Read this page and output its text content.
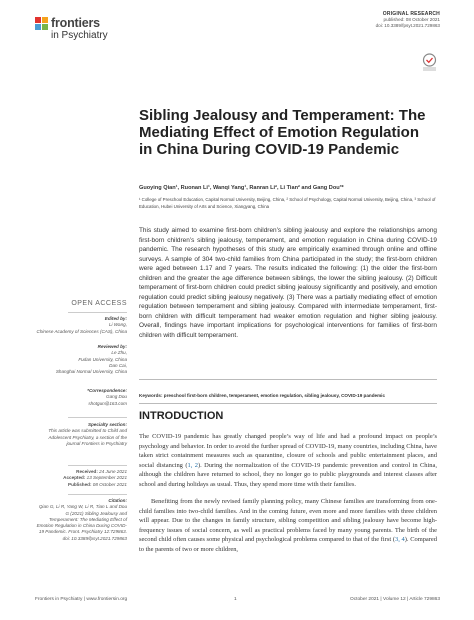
frontiers
in Psychiatry
ORIGINAL RESEARCH
published: 08 October 2021
doi: 10.3389/fpsyt.2021.729863
Sibling Jealousy and Temperament: The Mediating Effect of Emotion Regulation in China During COVID-19 Pandemic
Guoying Qian¹, Ruonan Li¹, Wanqi Yang¹, Ranran Li², Li Tian² and Gang Dou³*
¹ College of Preschool Education, Capital Normal University, Beijing, China, ² School of Psychology, Capital Normal University, Beijing, China, ³ School of Education, Hubei University of Arts and Science, Xiangyang, China
This study aimed to examine first-born children’s sibling jealousy and explore the relationships among first-born children’s sibling jealousy, temperament, and emotion regulation in China during COVID-19 pandemic. The research hypotheses of this study are empirically examined through online and offline surveys. A sample of 304 two-child families from China participated in the study; the first-born children were aged between 1.17 and 7 years. The results indicated the following: (1) the older the first-born children and the greater the age difference between siblings, the lower the sibling jealousy. (2) Difficult temperament of first-born children could predict sibling jealousy significantly and positively, and emotion regulation could predict sibling jealousy negatively. (3) There was a partially mediating effect of emotion regulation between temperament and sibling jealousy. Compared with intermediate temperament, first-born children with difficult temperament had weaker emotion regulation and higher sibling jealousy. Overall, findings have important implications for psychological interventions for families of first-born children with difficult temperament.
Keywords: preschool first-born children, temperament, emotion regulation, sibling jealousy, COVID-19 pandemic
INTRODUCTION
The COVID-19 pandemic has greatly changed people’s way of life and had a profound impact on people’s psychology and behavior. In order to avoid the further spread of COVID-19, many countries, including China, have taken strict containment measures such as quarantine, closure of schools and public entertainment places, and social distancing (1, 2). During the normalization of the COVID-19 pandemic prevention and control in China, although the children have returned to school, they no longer go to public playgrounds and interest classes after school and during holidays as usual. Thus, they spend more time with their families.
Benefiting from the newly revised family planning policy, many Chinese families are transforming from one-child families into two-child families. And in the coming future, even more and more families with three children will appear. Due to the changes in family structure, sibling competition and sibling jealousy have become high-frequency issues of social concern, as well as practical problems faced by many young parents. The birth of the second child often causes some physical and psychological problems compared to that of the first (3, 4). Compared to the parents of two or more children,
OPEN ACCESS
Edited by:
Li Wang,
Chinese Academy of Sciences (CAS), China
Reviewed by:
Le Zhu,
Fudan University, China
Dan Cai,
Shanghai Normal University, China
*Correspondence:
Gang Dou
shotgun@163.com
Specialty section:
This article was submitted to Child and Adolescent Psychiatry, a section of the journal Frontiers in Psychiatry
Received: 24 June 2021
Accepted: 13 September 2021
Published: 08 October 2021
Citation:
Qian G, Li R, Yang W, Li R, Tian L and Dou G (2021) Sibling Jealousy and Temperament: The Mediating Effect of Emotion Regulation in China During COVID-19 Pandemic. Front. Psychiatry 12:729863. doi: 10.3389/fpsyt.2021.729863
Frontiers in Psychiatry | www.frontiersin.org	1	October 2021 | Volume 12 | Article 729863
